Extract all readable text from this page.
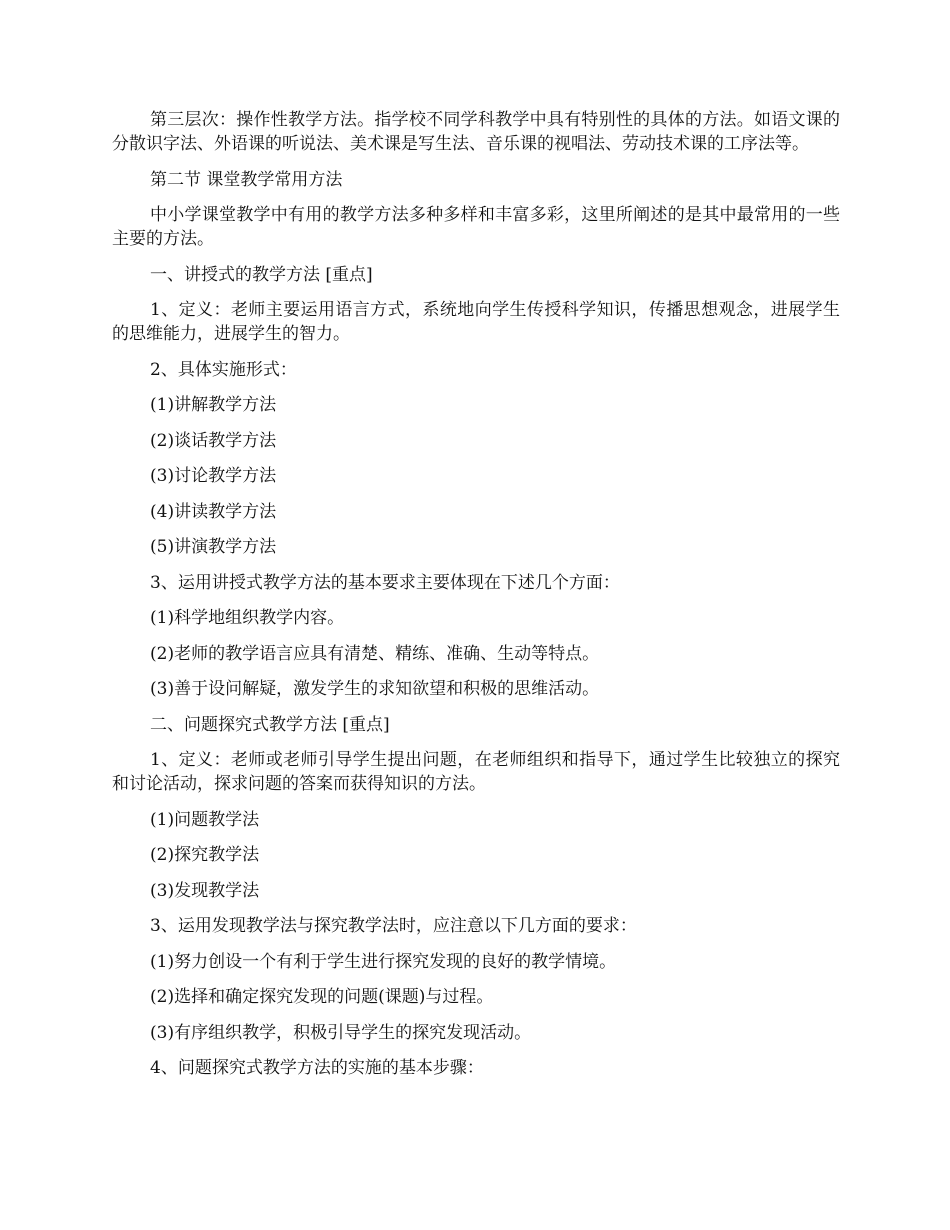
第三层次：操作性教学方法。指学校不同学科教学中具有特别性的具体的方法。如语文课的分散识字法、外语课的听说法、美术课是写生法、音乐课的视唱法、劳动技术课的工序法等。

第二节 课堂教学常用方法

中小学课堂教学中有用的教学方法多种多样和丰富多彩，这里所阐述的是其中最常用的一些主要的方法。

一、讲授式的教学方法 [重点]

1、定义：老师主要运用语言方式，系统地向学生传授科学知识，传播思想观念，进展学生的思维能力，进展学生的智力。

2、具体实施形式：

(1)讲解教学方法

(2)谈话教学方法

(3)讨论教学方法

(4)讲读教学方法

(5)讲演教学方法

3、运用讲授式教学方法的基本要求主要体现在下述几个方面：

(1)科学地组织教学内容。

(2)老师的教学语言应具有清楚、精练、准确、生动等特点。

(3)善于设问解疑，激发学生的求知欲望和积极的思维活动。

二、问题探究式教学方法 [重点]

1、定义：老师或老师引导学生提出问题，在老师组织和指导下，通过学生比较独立的探究和讨论活动，探求问题的答案而获得知识的方法。

(1)问题教学法

(2)探究教学法

(3)发现教学法

3、运用发现教学法与探究教学法时，应注意以下几方面的要求：

(1)努力创设一个有利于学生进行探究发现的良好的教学情境。

(2)选择和确定探究发现的问题(课题)与过程。

(3)有序组织教学，积极引导学生的探究发现活动。

4、问题探究式教学方法的实施的基本步骤：
